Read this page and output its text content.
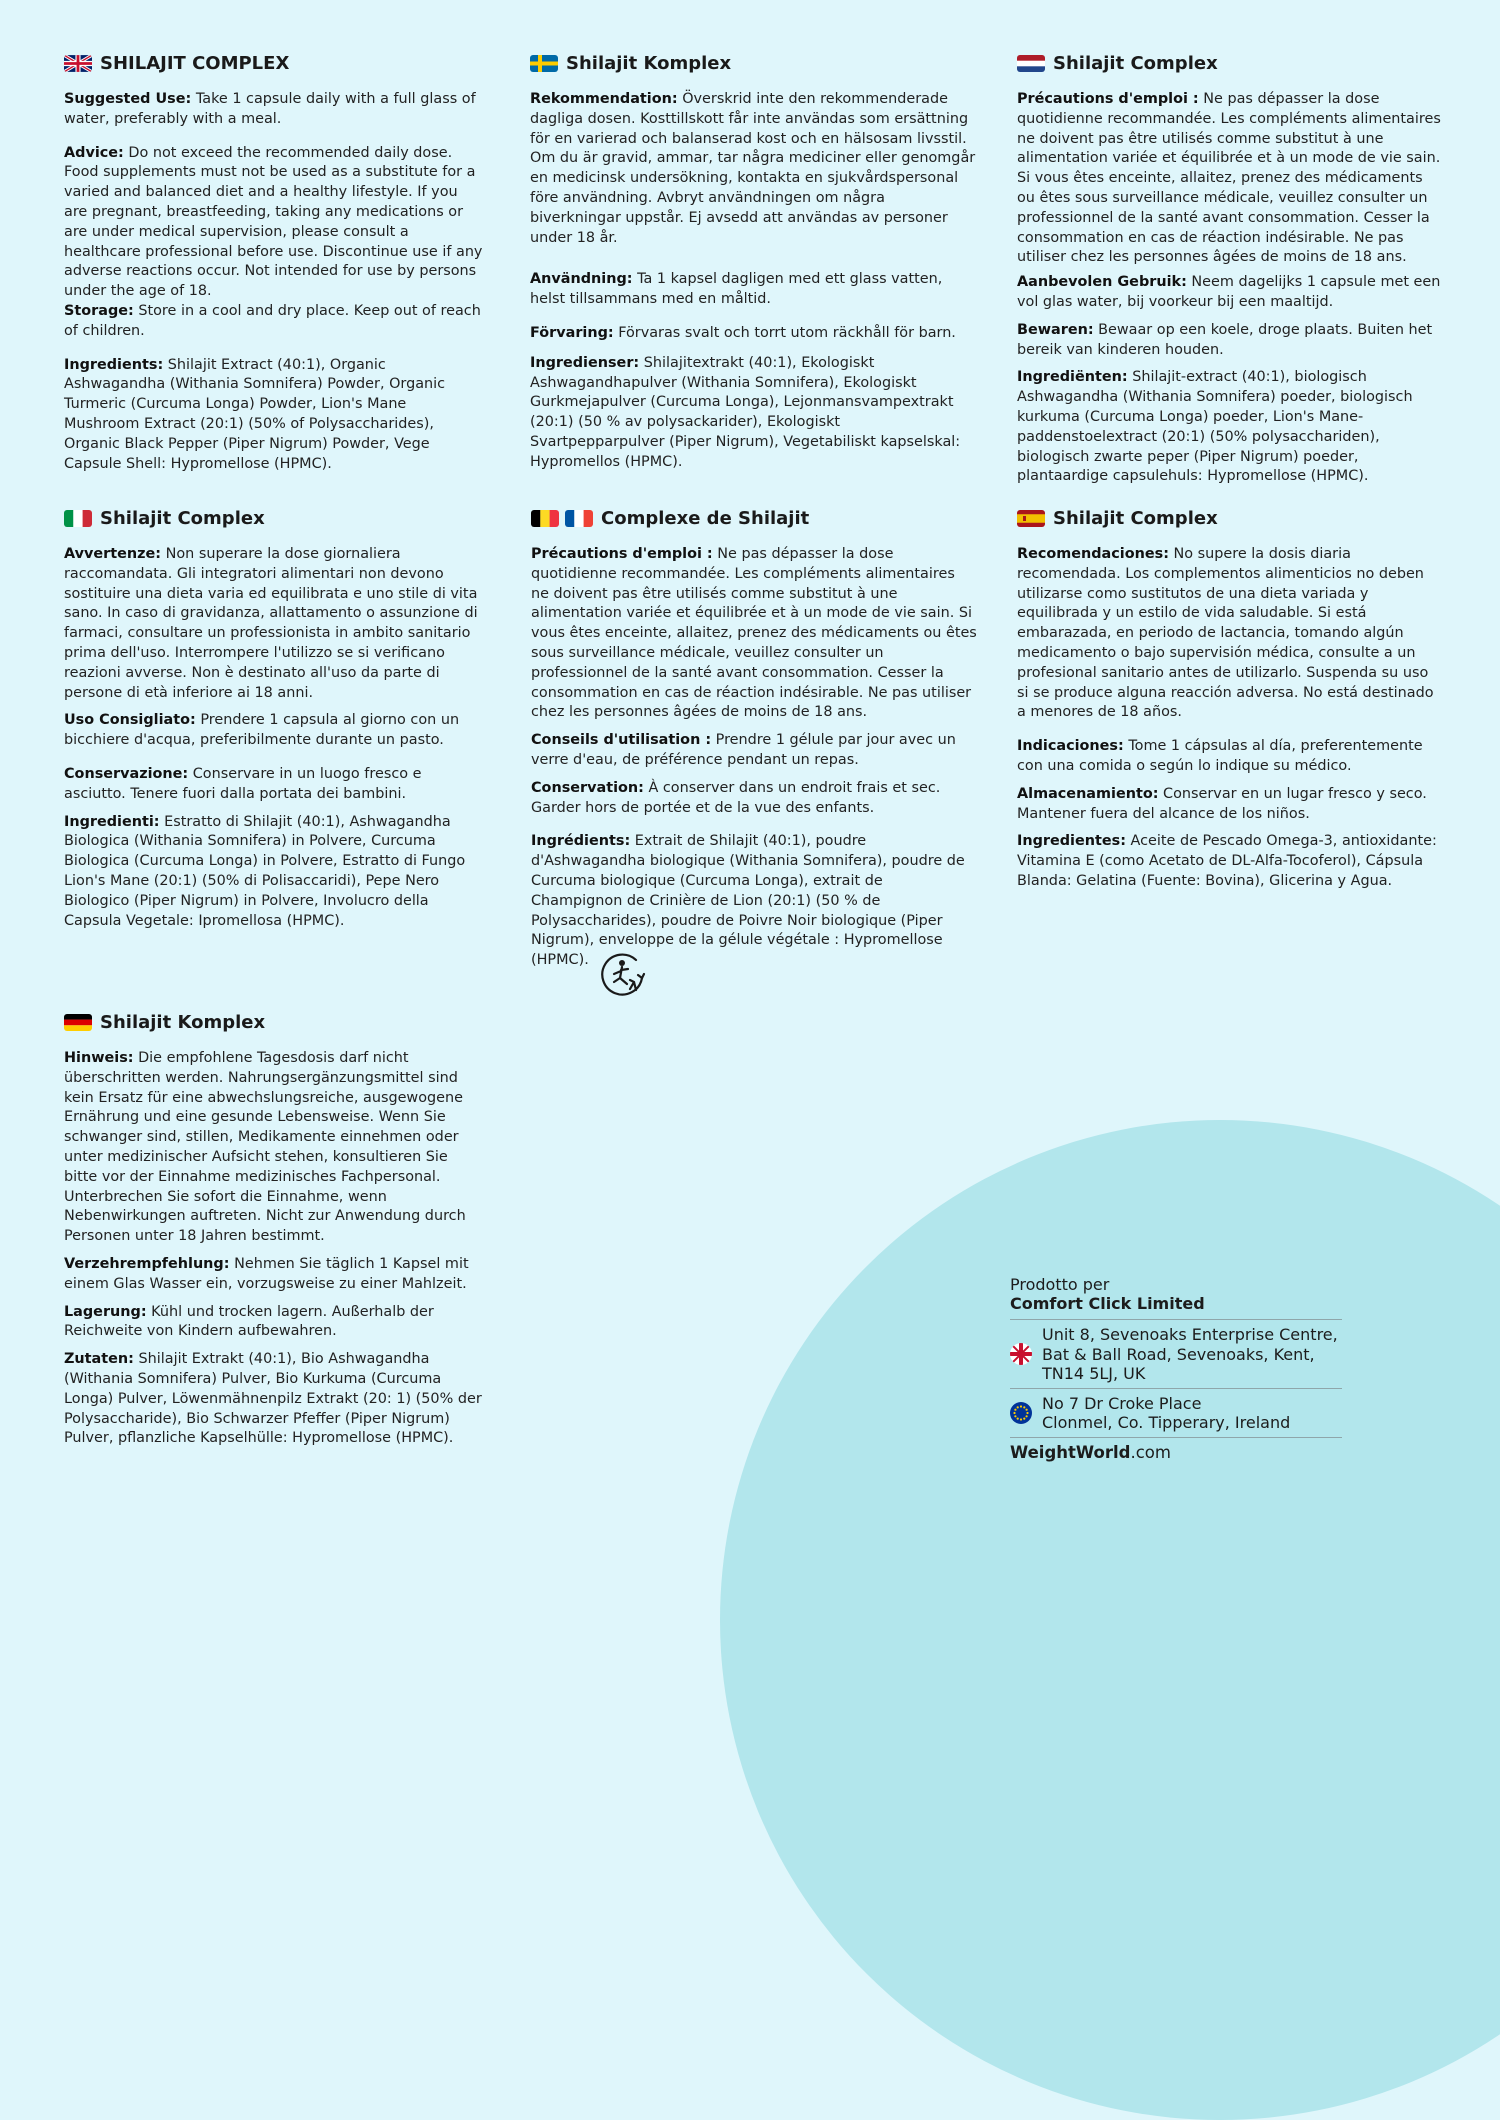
SHILAJIT COMPLEX

Suggested Use: Take 1 capsule daily with a full glass of water, preferably with a meal.

Advice: Do not exceed the recommended daily dose. Food supplements must not be used as a substitute for a varied and balanced diet and a healthy lifestyle. If you are pregnant, breastfeeding, taking any medications or are under medical supervision, please consult a healthcare professional before use. Discontinue use if any adverse reactions occur. Not intended for use by persons under the age of 18.

Storage: Store in a cool and dry place. Keep out of reach of children.

Ingredients: Shilajit Extract (40:1), Organic Ashwagandha (Withania Somnifera) Powder, Organic Turmeric (Curcuma Longa) Powder, Lion's Mane Mushroom Extract (20:1) (50% of Polysaccharides), Organic Black Pepper (Piper Nigrum) Powder, Vege Capsule Shell: Hypromellose (HPMC).

Shilajit Komplex

Rekommendation: Överskrid inte den rekommenderade dagliga dosen. Kosttillskott får inte användas som ersättning för en varierad och balanserad kost och en hälsosam livsstil. Om du är gravid, ammar, tar några mediciner eller genomgår en medicinsk undersökning, kontakta en sjukvårdspersonal före användning. Avbryt användningen om några biverkningar uppstår. Ej avsedd att användas av personer under 18 år.

Användning: Ta 1 kapsel dagligen med ett glass vatten, helst tillsammans med en måltid.

Förvaring: Förvaras svalt och torrt utom räckhåll för barn.

Ingredienser: Shilajitextrakt (40:1), Ekologiskt Ashwagandhapulver (Withania Somnifera), Ekologiskt Gurkmejapulver (Curcuma Longa), Lejonmansvampextrakt (20:1) (50 % av polysackarider), Ekologiskt Svartpepparpulver (Piper Nigrum), Vegetabiliskt kapselskal: Hypromellos (HPMC).

Shilajit Complex

Précautions d'emploi : Ne pas dépasser la dose quotidienne recommandée. Les compléments alimentaires ne doivent pas être utilisés comme substitut à une alimentation variée et équilibrée et à un mode de vie sain. Si vous êtes enceinte, allaitez, prenez des médicaments ou êtes sous surveillance médicale, veuillez consulter un professionnel de la santé avant consommation. Cesser la consommation en cas de réaction indésirable. Ne pas utiliser chez les personnes âgées de moins de 18 ans.

Aanbevolen Gebruik: Neem dagelijks 1 capsule met een vol glas water, bij voorkeur bij een maaltijd.

Bewaren: Bewaar op een koele, droge plaats. Buiten het bereik van kinderen houden.

Ingrediënten: Shilajit-extract (40:1), biologisch Ashwagandha (Withania Somnifera) poeder, biologisch kurkuma (Curcuma Longa) poeder, Lion's Mane-paddenstoelextract (20:1) (50% polysacchariden), biologisch zwarte peper (Piper Nigrum) poeder, plantaardige capsulehuls: Hypromellose (HPMC).

Shilajit Complex

Avvertenze: Non superare la dose giornaliera raccomandata. Gli integratori alimentari non devono sostituire una dieta varia ed equilibrata e uno stile di vita sano. In caso di gravidanza, allattamento o assunzione di farmaci, consultare un professionista in ambito sanitario prima dell'uso. Interrompere l'utilizzo se si verificano reazioni avverse. Non è destinato all'uso da parte di persone di età inferiore ai 18 anni.

Uso Consigliato: Prendere 1 capsula al giorno con un bicchiere d'acqua, preferibilmente durante un pasto.

Conservazione: Conservare in un luogo fresco e asciutto. Tenere fuori dalla portata dei bambini.

Ingredienti: Estratto di Shilajit (40:1), Ashwagandha Biologica (Withania Somnifera) in Polvere, Curcuma Biologica (Curcuma Longa) in Polvere, Estratto di Fungo Lion's Mane (20:1) (50% di Polisaccaridi), Pepe Nero Biologico (Piper Nigrum) in Polvere, Involucro della Capsula Vegetale: Ipromellosa (HPMC).

Complexe de Shilajit

Précautions d'emploi : Ne pas dépasser la dose quotidienne recommandée. Les compléments alimentaires ne doivent pas être utilisés comme substitut à une alimentation variée et équilibrée et à un mode de vie sain. Si vous êtes enceinte, allaitez, prenez des médicaments ou êtes sous surveillance médicale, veuillez consulter un professionnel de la santé avant consommation. Cesser la consommation en cas de réaction indésirable. Ne pas utiliser chez les personnes âgées de moins de 18 ans.

Conseils d'utilisation : Prendre 1 gélule par jour avec un verre d'eau, de préférence pendant un repas.

Conservation: À conserver dans un endroit frais et sec. Garder hors de portée et de la vue des enfants.

Ingrédients: Extrait de Shilajit (40:1), poudre d'Ashwagandha biologique (Withania Somnifera), poudre de Curcuma biologique (Curcuma Longa), extrait de Champignon de Crinière de Lion (20:1) (50 % de Polysaccharides), poudre de Poivre Noir biologique (Piper Nigrum), enveloppe de la gélule végétale : Hypromellose (HPMC).

Shilajit Complex

Recomendaciones: No supere la dosis diaria recomendada. Los complementos alimenticios no deben utilizarse como sustitutos de una dieta variada y equilibrada y un estilo de vida saludable. Si está embarazada, en periodo de lactancia, tomando algún medicamento o bajo supervisión médica, consulte a un profesional sanitario antes de utilizarlo. Suspenda su uso si se produce alguna reacción adversa. No está destinado a menores de 18 años.

Indicaciones: Tome 1 cápsulas al día, preferentemente con una comida o según lo indique su médico.

Almacenamiento: Conservar en un lugar fresco y seco. Mantener fuera del alcance de los niños.

Ingredientes: Aceite de Pescado Omega-3, antioxidante: Vitamina E (como Acetato de DL-Alfa-Tocoferol), Cápsula Blanda: Gelatina (Fuente: Bovina), Glicerina y Agua.

Shilajit Komplex

Hinweis: Die empfohlene Tagesdosis darf nicht überschritten werden. Nahrungsergänzungsmittel sind kein Ersatz für eine abwechslungsreiche, ausgewogene Ernährung und eine gesunde Lebensweise. Wenn Sie schwanger sind, stillen, Medikamente einnehmen oder unter medizinischer Aufsicht stehen, konsultieren Sie bitte vor der Einnahme medizinisches Fachpersonal. Unterbrechen Sie sofort die Einnahme, wenn Nebenwirkungen auftreten. Nicht zur Anwendung durch Personen unter 18 Jahren bestimmt.

Verzehrempfehlung: Nehmen Sie täglich 1 Kapsel mit einem Glas Wasser ein, vorzugsweise zu einer Mahlzeit.

Lagerung: Kühl und trocken lagern. Außerhalb der Reichweite von Kindern aufbewahren.

Zutaten: Shilajit Extrakt (40:1), Bio Ashwagandha (Withania Somnifera) Pulver, Bio Kurkuma (Curcuma Longa) Pulver, Löwenmähnenpilz Extrakt (20: 1) (50% der Polysaccharide), Bio Schwarzer Pfeffer (Piper Nigrum) Pulver, pflanzliche Kapselhülle: Hypromellose (HPMC).

Prodotto per
Comfort Click Limited
Unit 8, Sevenoaks Enterprise Centre,
Bat & Ball Road, Sevenoaks, Kent,
TN14 5LJ, UK
No 7 Dr Croke Place
Clonmel, Co. Tipperary, Ireland
WeightWorld.com
